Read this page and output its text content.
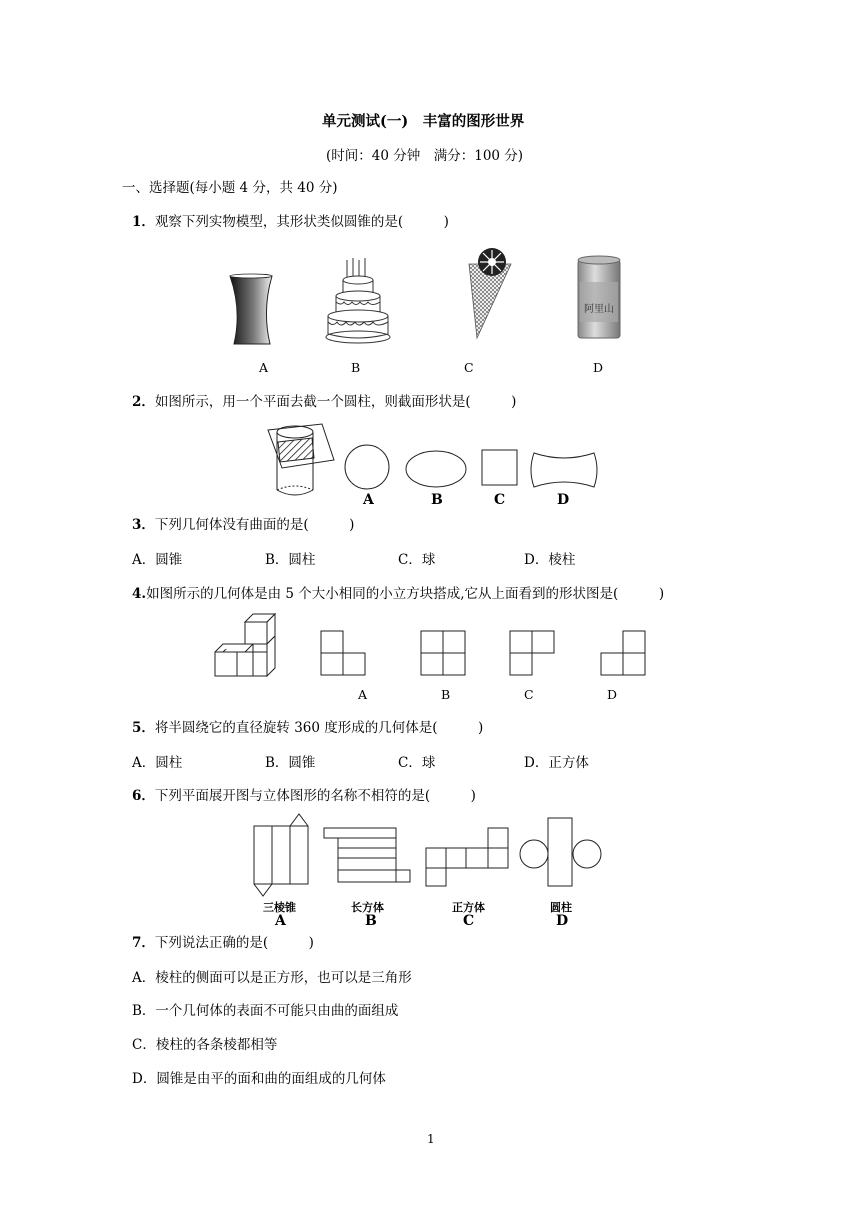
单元测试(一)　丰富的图形世界
(时间：40 分钟　满分：100 分)
一、选择题(每小题 4 分，共 40 分)
1．观察下列实物模型，其形状类似圆锥的是(　　　)
阿里山
A	B	C	D
2．如图所示，用一个平面去截一个圆柱，则截面形状是(　　　)
A	B	C	D
3．下列几何体没有曲面的是(　　　)
A．圆锥	B．圆柱	C．球	D．棱柱
4.如图所示的几何体是由 5 个大小相同的小立方块搭成,它从上面看到的形状图是(　　　)
A	B	C	D
5．将半圆绕它的直径旋转 360 度形成的几何体是(　　　)
A．圆柱	B．圆锥	C．球	D．正方体
6．下列平面展开图与立体图形的名称不相符的是(　　　)
三棱锥	长方体	正方体	圆柱
A	B	C	D
7．下列说法正确的是(　　　)
A．棱柱的侧面可以是正方形，也可以是三角形
B．一个几何体的表面不可能只由曲的面组成
C．棱柱的各条棱都相等
D．圆锥是由平的面和曲的面组成的几何体
1
